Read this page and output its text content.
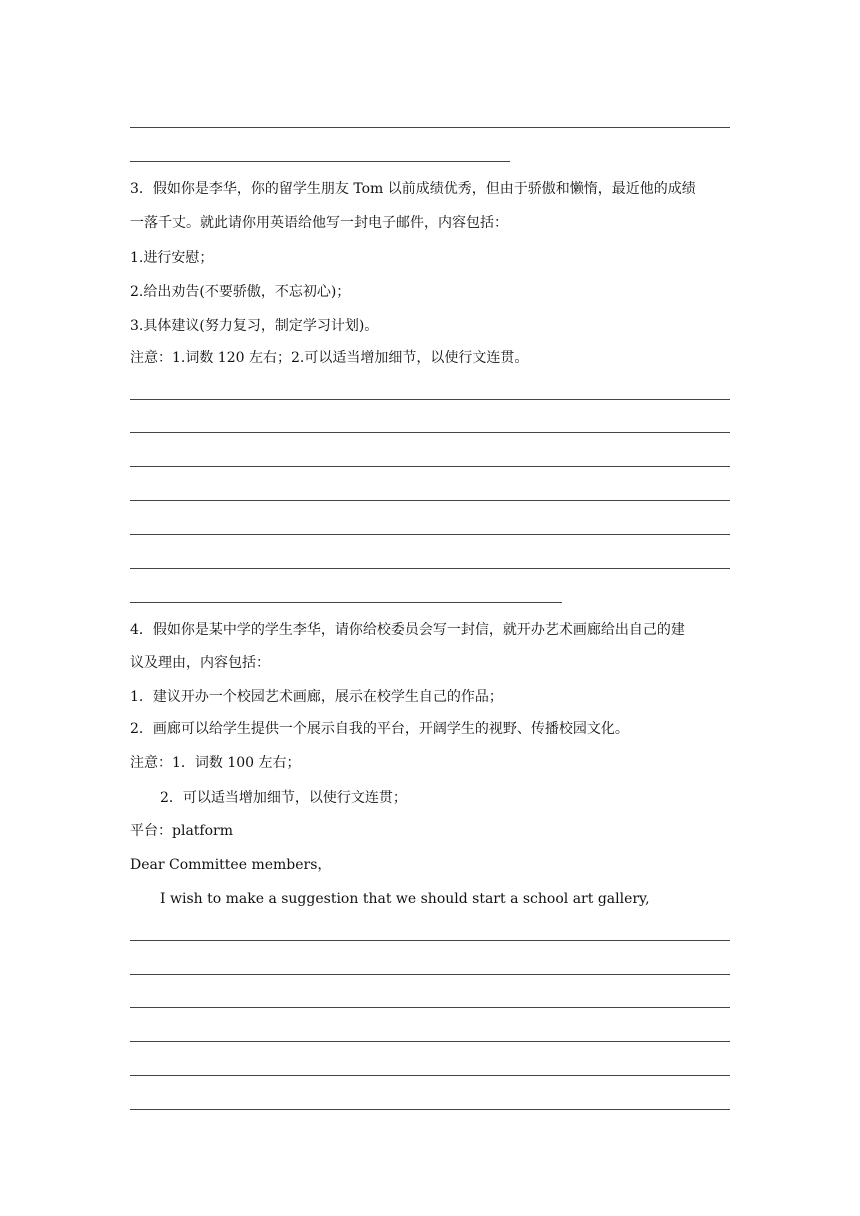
3．假如你是李华，你的留学生朋友 Tom 以前成绩优秀，但由于骄傲和懒惰，最近他的成绩
一落千丈。就此请你用英语给他写一封电子邮件，内容包括：
1.进行安慰；
2.给出劝告(不要骄傲，不忘初心)；
3.具体建议(努力复习，制定学习计划)。
注意：1.词数 120 左右；2.可以适当增加细节，以使行文连贯。
4．假如你是某中学的学生李华，请你给校委员会写一封信，就开办艺术画廊给出自己的建
议及理由，内容包括：
1．建议开办一个校园艺术画廊，展示在校学生自己的作品；
2．画廊可以给学生提供一个展示自我的平台，开阔学生的视野、传播校园文化。
注意：1．词数 100 左右；
2．可以适当增加细节，以使行文连贯；
平台：platform
Dear Committee members，
I wish to make a suggestion that we should start a school art gallery,
